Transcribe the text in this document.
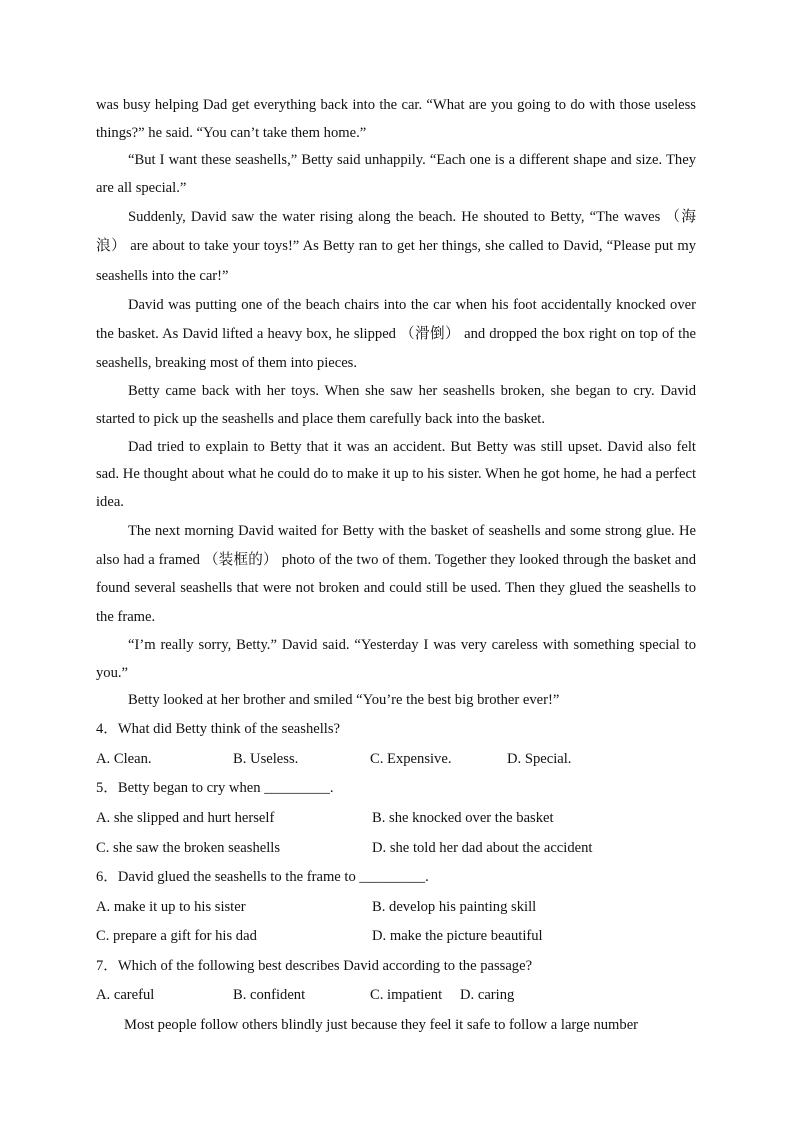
was busy helping Dad get everything back into the car. “What are you going to do with those useless things?” he said. “You can’t take them home.”

“But I want these seashells,” Betty said unhappily. “Each one is a different shape and size. They are all special.”

Suddenly, David saw the water rising along the beach. He shouted to Betty, “The waves （海浪） are about to take your toys!” As Betty ran to get her things, she called to David, “Please put my seashells into the car!”

David was putting one of the beach chairs into the car when his foot accidentally knocked over the basket. As David lifted a heavy box, he slipped （滑倒） and dropped the box right on top of the seashells, breaking most of them into pieces.

Betty came back with her toys. When she saw her seashells broken, she began to cry. David started to pick up the seashells and place them carefully back into the basket.

Dad tried to explain to Betty that it was an accident. But Betty was still upset. David also felt sad. He thought about what he could do to make it up to his sister. When he got home, he had a perfect idea.

The next morning David waited for Betty with the basket of seashells and some strong glue. He also had a framed （装框的） photo of the two of them. Together they looked through the basket and found several seashells that were not broken and could still be used. Then they glued the seashells to the frame.

“I’m really sorry, Betty.” David said. “Yesterday I was very careless with something special to you.”

Betty looked at her brother and smiled “You’re the best big brother ever!”

4．What did Betty think of the seashells?

A. Clean.	B. Useless.	C. Expensive.	D. Special.

5．Betty began to cry when _________.

A. she slipped and hurt herself	B. she knocked over the basket
C. she saw the broken seashells	D. she told her dad about the accident

6．David glued the seashells to the frame to _________.

A. make it up to his sister	B. develop his painting skill
C. prepare a gift for his dad	D. make the picture beautiful

7．Which of the following best describes David according to the passage?

A. careful	B. confident	C. impatient	D. caring

Most people follow others blindly just because they feel it safe to follow a large number
